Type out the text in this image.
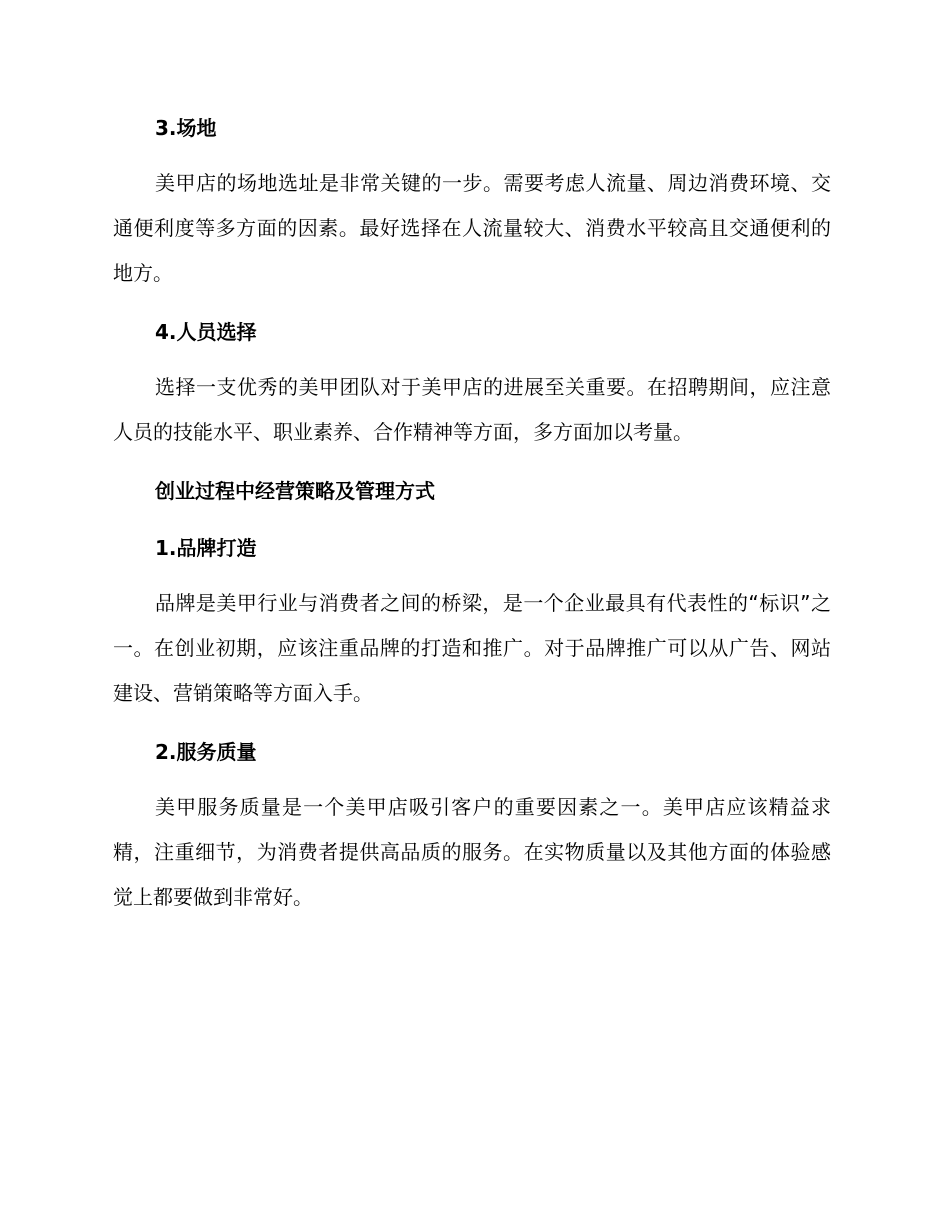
3.场地

美甲店的场地选址是非常关键的一步。需要考虑人流量、周边消费环境、交通便利度等多方面的因素。最好选择在人流量较大、消费水平较高且交通便利的地方。

4.人员选择

选择一支优秀的美甲团队对于美甲店的进展至关重要。在招聘期间，应注意人员的技能水平、职业素养、合作精神等方面，多方面加以考量。

创业过程中经营策略及管理方式
1.品牌打造

品牌是美甲行业与消费者之间的桥梁，是一个企业最具有代表性的“标识”之一。在创业初期，应该注重品牌的打造和推广。对于品牌推广可以从广告、网站建设、营销策略等方面入手。

2.服务质量

美甲服务质量是一个美甲店吸引客户的重要因素之一。美甲店应该精益求精，注重细节，为消费者提供高品质的服务。在实物质量以及其他方面的体验感觉上都要做到非常好。
